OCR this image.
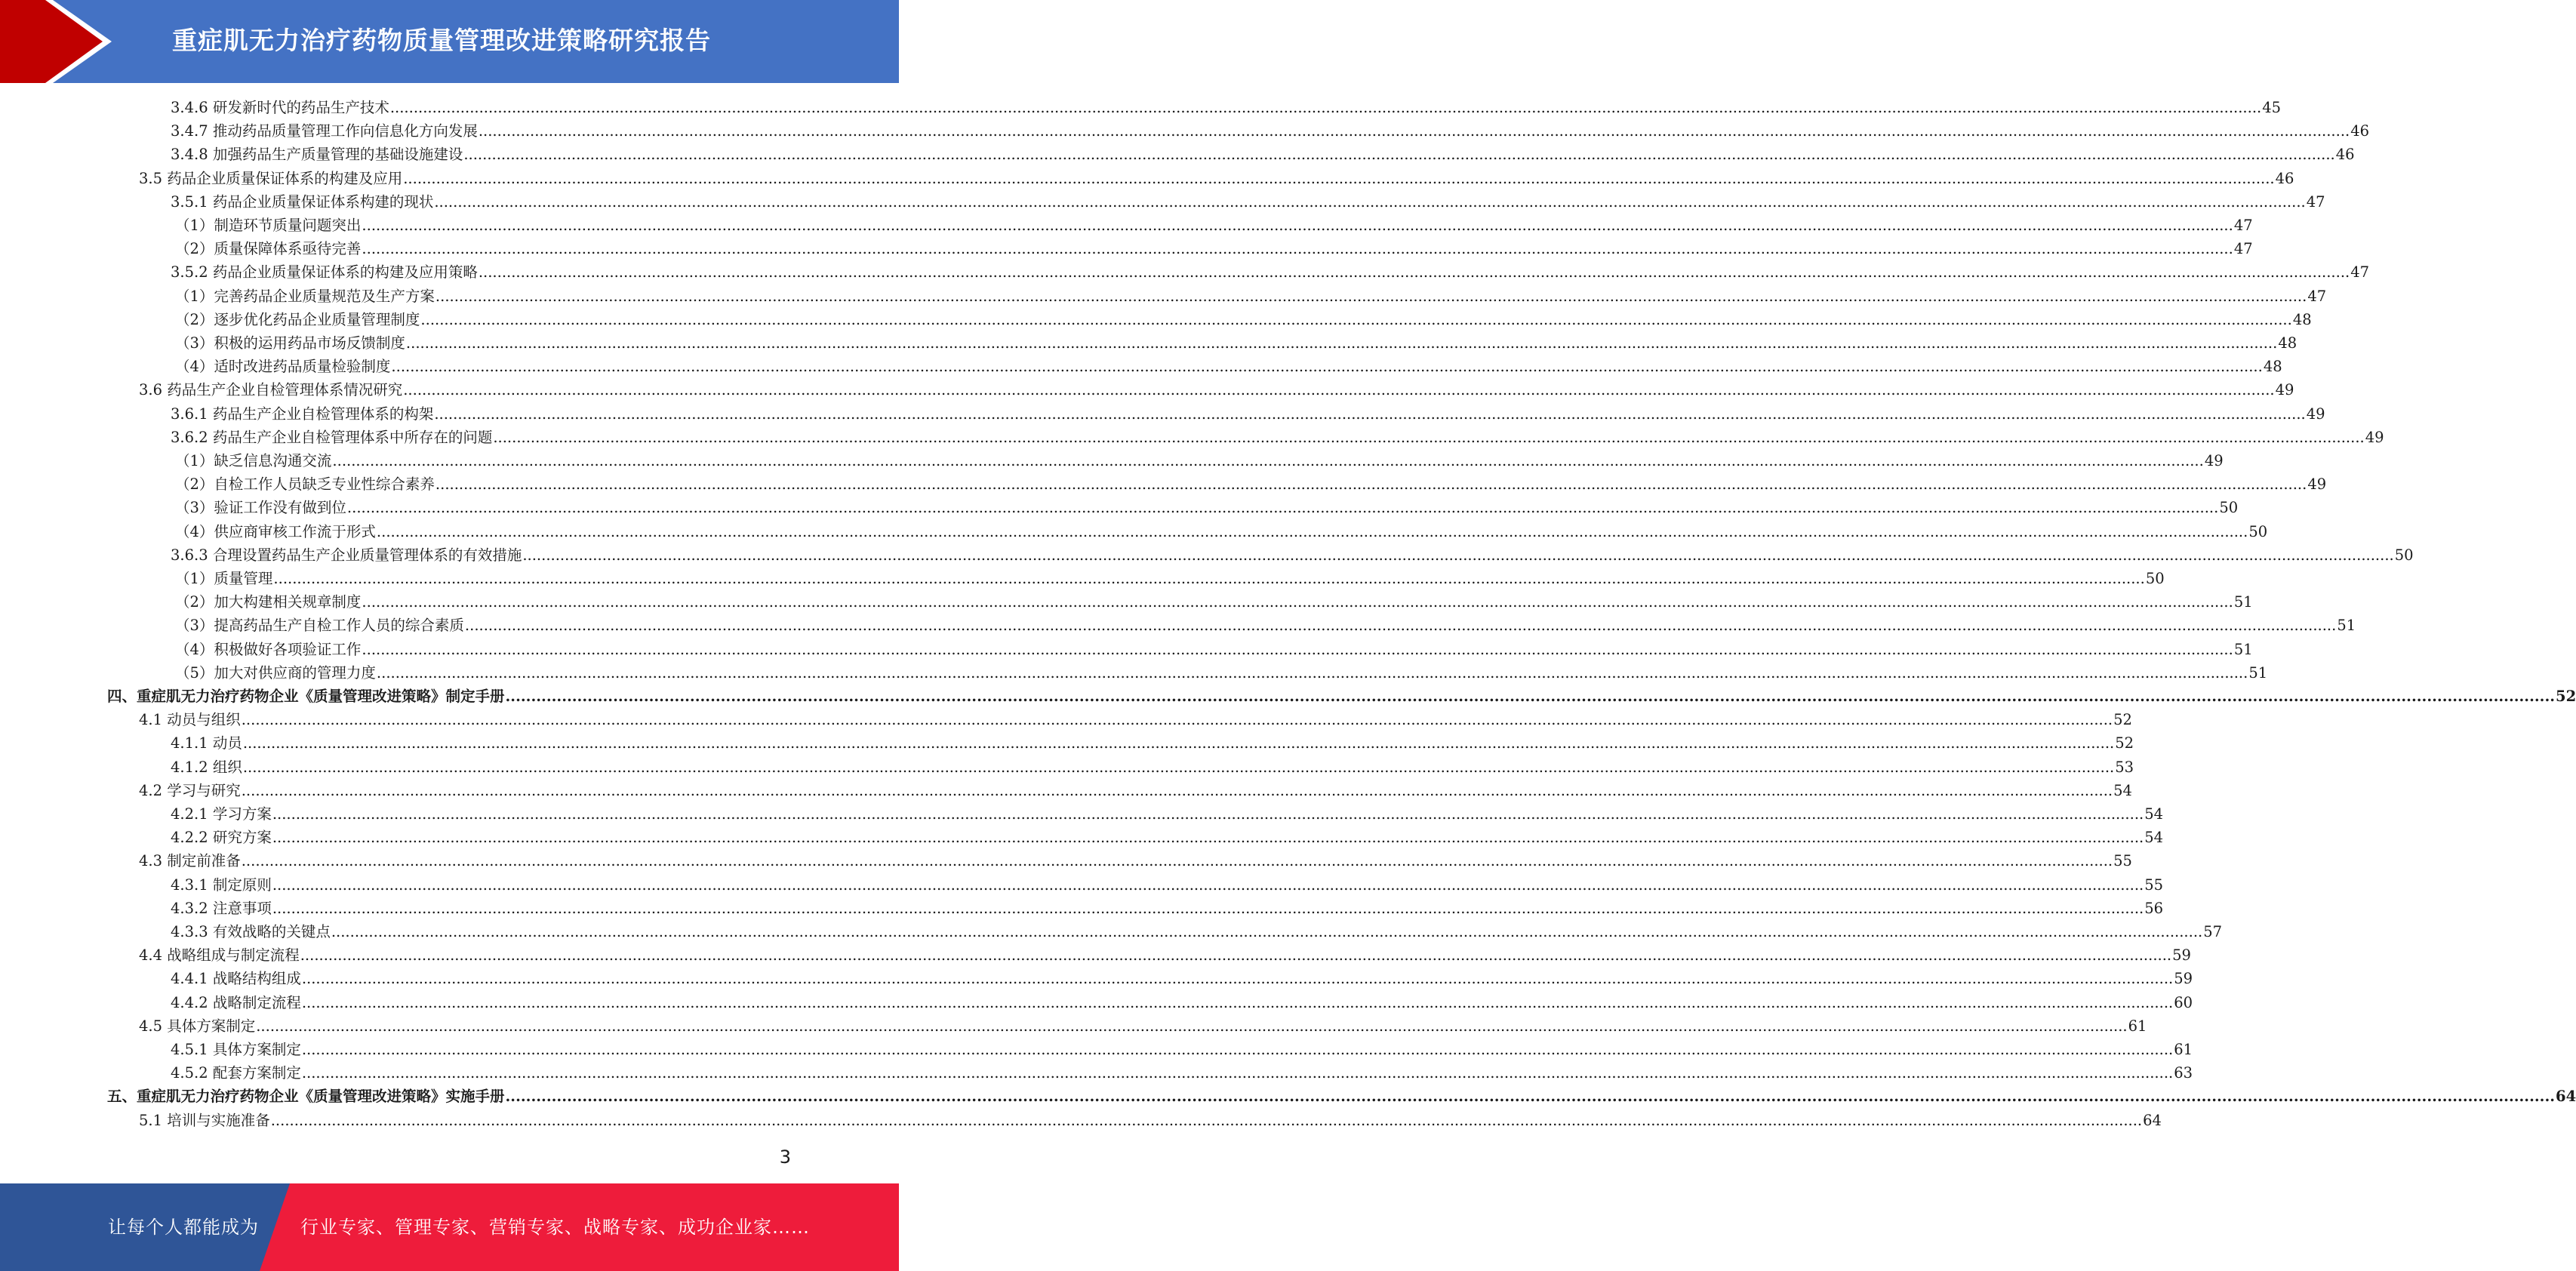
重症肌无力治疗药物质量管理改进策略研究报告
3.4.6 研发新时代的药品生产技术 ................................................................................................................................................................................................................................................................................................................................................................................................................ 45
3.4.7 推动药品质量管理工作向信息化方向发展 ................................................................................................................................................................................................................................................................................................................................................................................................................ 46
3.4.8 加强药品生产质量管理的基础设施建设 ................................................................................................................................................................................................................................................................................................................................................................................................................ 46
3.5 药品企业质量保证体系的构建及应用 ................................................................................................................................................................................................................................................................................................................................................................................................................ 46
3.5.1 药品企业质量保证体系构建的现状 ................................................................................................................................................................................................................................................................................................................................................................................................................ 47
（1）制造环节质量问题突出 ................................................................................................................................................................................................................................................................................................................................................................................................................ 47
（2）质量保障体系亟待完善 ................................................................................................................................................................................................................................................................................................................................................................................................................ 47
3.5.2 药品企业质量保证体系的构建及应用策略 ................................................................................................................................................................................................................................................................................................................................................................................................................ 47
（1）完善药品企业质量规范及生产方案 ................................................................................................................................................................................................................................................................................................................................................................................................................ 47
（2）逐步优化药品企业质量管理制度 ................................................................................................................................................................................................................................................................................................................................................................................................................ 48
（3）积极的运用药品市场反馈制度 ................................................................................................................................................................................................................................................................................................................................................................................................................ 48
（4）适时改进药品质量检验制度 ................................................................................................................................................................................................................................................................................................................................................................................................................ 48
3.6 药品生产企业自检管理体系情况研究 ................................................................................................................................................................................................................................................................................................................................................................................................................ 49
3.6.1 药品生产企业自检管理体系的构架 ................................................................................................................................................................................................................................................................................................................................................................................................................ 49
3.6.2 药品生产企业自检管理体系中所存在的问题 ................................................................................................................................................................................................................................................................................................................................................................................................................ 49
（1）缺乏信息沟通交流 ................................................................................................................................................................................................................................................................................................................................................................................................................ 49
（2）自检工作人员缺乏专业性综合素养 ................................................................................................................................................................................................................................................................................................................................................................................................................ 49
（3）验证工作没有做到位 ................................................................................................................................................................................................................................................................................................................................................................................................................ 50
（4）供应商审核工作流于形式 ................................................................................................................................................................................................................................................................................................................................................................................................................ 50
3.6.3 合理设置药品生产企业质量管理体系的有效措施 ................................................................................................................................................................................................................................................................................................................................................................................................................ 50
（1）质量管理 ................................................................................................................................................................................................................................................................................................................................................................................................................ 50
（2）加大构建相关规章制度 ................................................................................................................................................................................................................................................................................................................................................................................................................ 51
（3）提高药品生产自检工作人员的综合素质 ................................................................................................................................................................................................................................................................................................................................................................................................................ 51
（4）积极做好各项验证工作 ................................................................................................................................................................................................................................................................................................................................................................................................................ 51
（5）加大对供应商的管理力度 ................................................................................................................................................................................................................................................................................................................................................................................................................ 51
四、重症肌无力治疗药物企业《质量管理改进策略》制定手册 ................................................................................................................................................................................................................................................................................................................................................................................................................ 52
4.1 动员与组织 ................................................................................................................................................................................................................................................................................................................................................................................................................ 52
4.1.1 动员 ................................................................................................................................................................................................................................................................................................................................................................................................................ 52
4.1.2 组织 ................................................................................................................................................................................................................................................................................................................................................................................................................ 53
4.2 学习与研究 ................................................................................................................................................................................................................................................................................................................................................................................................................ 54
4.2.1 学习方案 ................................................................................................................................................................................................................................................................................................................................................................................................................ 54
4.2.2 研究方案 ................................................................................................................................................................................................................................................................................................................................................................................................................ 54
4.3 制定前准备 ................................................................................................................................................................................................................................................................................................................................................................................................................ 55
4.3.1 制定原则 ................................................................................................................................................................................................................................................................................................................................................................................................................ 55
4.3.2 注意事项 ................................................................................................................................................................................................................................................................................................................................................................................................................ 56
4.3.3 有效战略的关键点 ................................................................................................................................................................................................................................................................................................................................................................................................................ 57
4.4 战略组成与制定流程 ................................................................................................................................................................................................................................................................................................................................................................................................................ 59
4.4.1 战略结构组成 ................................................................................................................................................................................................................................................................................................................................................................................................................ 59
4.4.2 战略制定流程 ................................................................................................................................................................................................................................................................................................................................................................................................................ 60
4.5 具体方案制定 ................................................................................................................................................................................................................................................................................................................................................................................................................ 61
4.5.1 具体方案制定 ................................................................................................................................................................................................................................................................................................................................................................................................................ 61
4.5.2 配套方案制定 ................................................................................................................................................................................................................................................................................................................................................................................................................ 63
五、重症肌无力治疗药物企业《质量管理改进策略》实施手册 ................................................................................................................................................................................................................................................................................................................................................................................................................ 64
5.1 培训与实施准备 ................................................................................................................................................................................................................................................................................................................................................................................................................ 64
3
让每个人都能成为 行业专家、管理专家、营销专家、战略专家、成功企业家……
